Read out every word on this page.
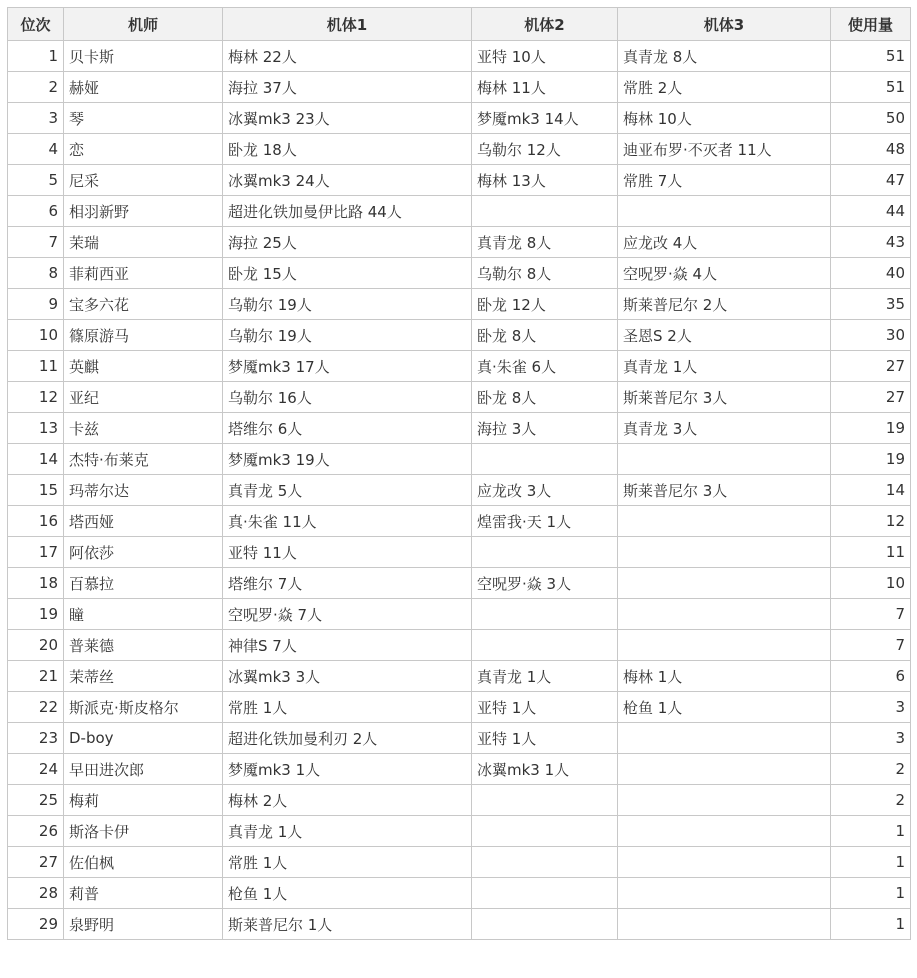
位次	机师	机体1	机体2	机体3	使用量
1	贝卡斯	梅林 22人	亚特 10人	真青龙 8人	51
2	赫娅	海拉 37人	梅林 11人	常胜 2人	51
3	琴	冰翼mk3 23人	梦魇mk3 14人	梅林 10人	50
4	恋	卧龙 18人	乌勒尔 12人	迪亚布罗·不灭者 11人	48
5	尼采	冰翼mk3 24人	梅林 13人	常胜 7人	47
6	相羽新野	超进化铁加曼伊比路 44人			44
7	茉瑞	海拉 25人	真青龙 8人	应龙改 4人	43
8	菲莉西亚	卧龙 15人	乌勒尔 8人	空呪罗·焱 4人	40
9	宝多六花	乌勒尔 19人	卧龙 12人	斯莱普尼尔 2人	35
10	篠原游马	乌勒尔 19人	卧龙 8人	圣恩S 2人	30
11	英麒	梦魇mk3 17人	真·朱雀 6人	真青龙 1人	27
12	亚纪	乌勒尔 16人	卧龙 8人	斯莱普尼尔 3人	27
13	卡兹	塔维尔 6人	海拉 3人	真青龙 3人	19
14	杰特·布莱克	梦魇mk3 19人			19
15	玛蒂尔达	真青龙 5人	应龙改 3人	斯莱普尼尔 3人	14
16	塔西娅	真·朱雀 11人	煌雷我·天 1人		12
17	阿依莎	亚特 11人			11
18	百慕拉	塔维尔 7人	空呪罗·焱 3人		10
19	瞳	空呪罗·焱 7人			7
20	普莱德	神律S 7人			7
21	茉蒂丝	冰翼mk3 3人	真青龙 1人	梅林 1人	6
22	斯派克·斯皮格尔	常胜 1人	亚特 1人	枪鱼 1人	3
23	D-boy	超进化铁加曼利刃 2人	亚特 1人		3
24	早田进次郎	梦魇mk3 1人	冰翼mk3 1人		2
25	梅莉	梅林 2人			2
26	斯洛卡伊	真青龙 1人			1
27	佐伯枫	常胜 1人			1
28	莉普	枪鱼 1人			1
29	泉野明	斯莱普尼尔 1人			1
